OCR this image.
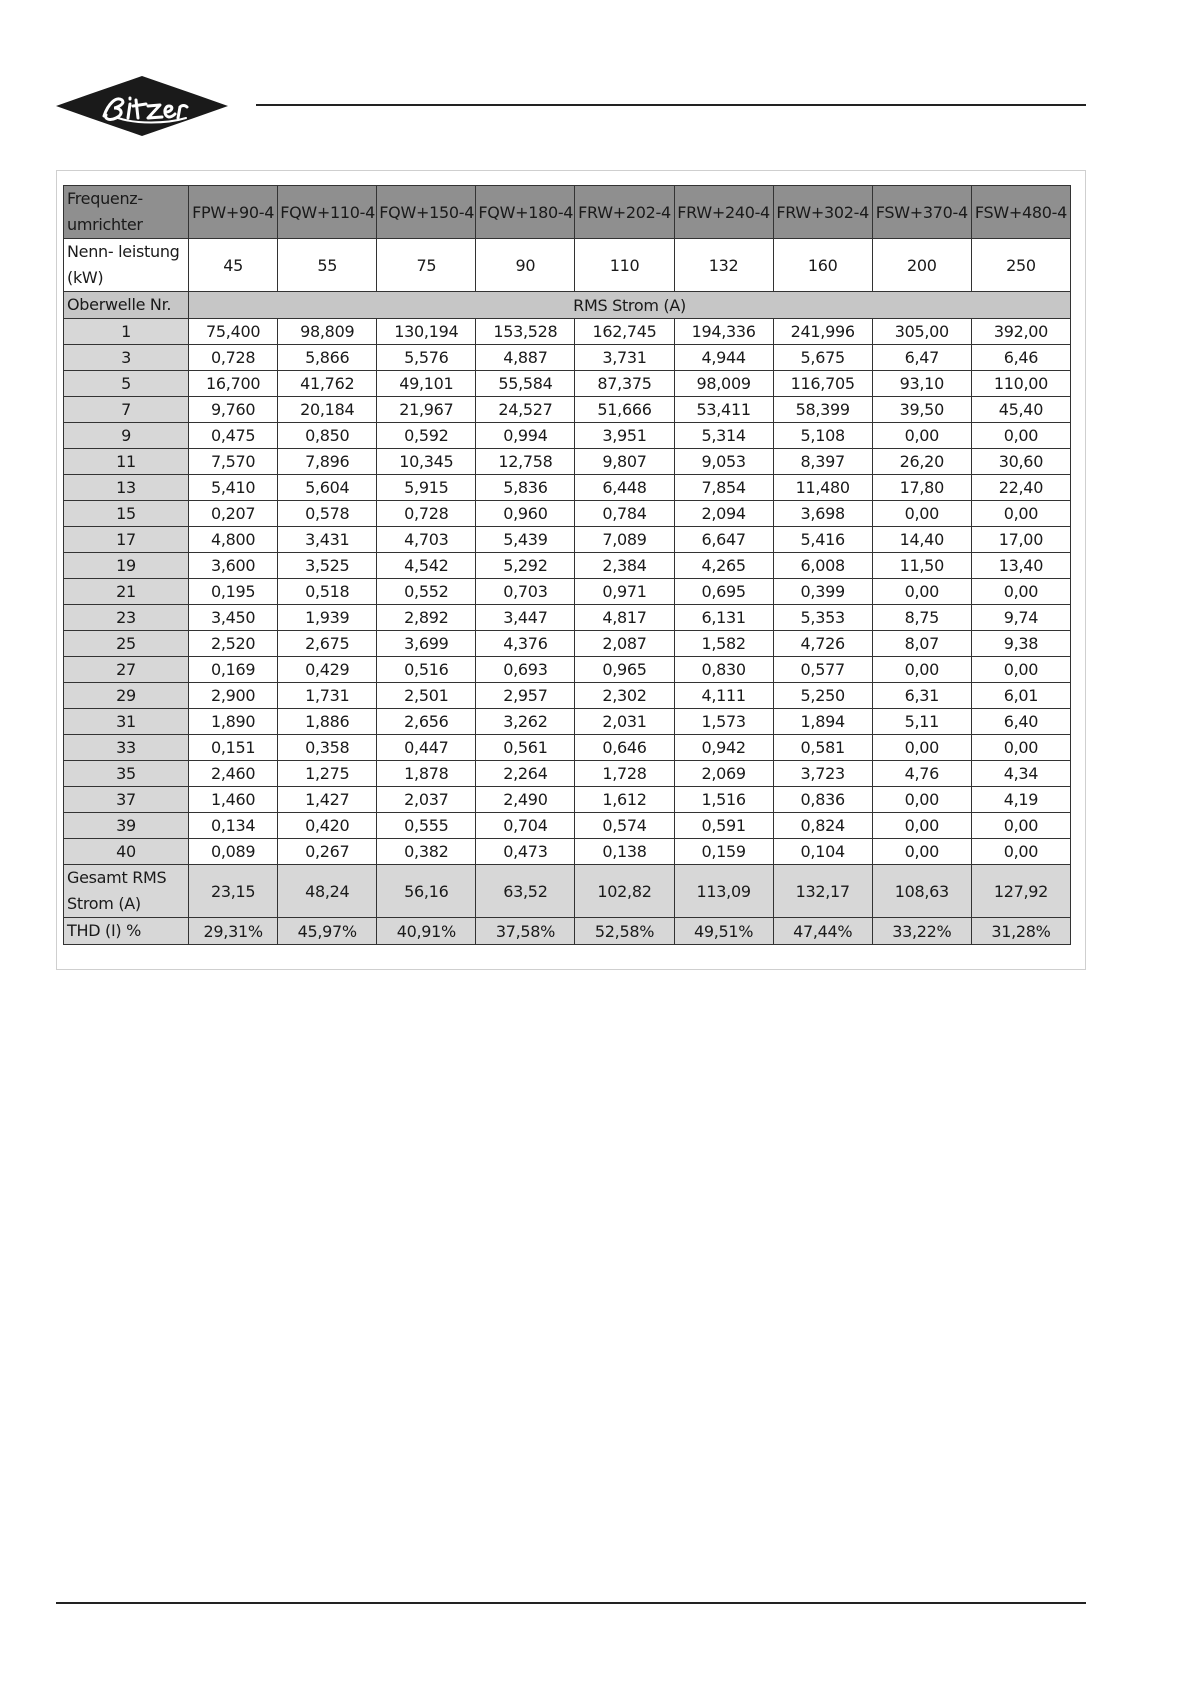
Frequenz-
umrichter	FPW+90-4	FQW+110-4	FQW+150-4	FQW+180-4	FRW+202-4	FRW+240-4	FRW+302-4	FSW+370-4	FSW+480-4
Nenn- leistung
(kW)	45	55	75	90	110	132	160	200	250
Oberwelle Nr.	RMS Strom (A)								
1	75,400	98,809	130,194	153,528	162,745	194,336	241,996	305,00	392,00
3	0,728	5,866	5,576	4,887	3,731	4,944	5,675	6,47	6,46
5	16,700	41,762	49,101	55,584	87,375	98,009	116,705	93,10	110,00
7	9,760	20,184	21,967	24,527	51,666	53,411	58,399	39,50	45,40
9	0,475	0,850	0,592	0,994	3,951	5,314	5,108	0,00	0,00
11	7,570	7,896	10,345	12,758	9,807	9,053	8,397	26,20	30,60
13	5,410	5,604	5,915	5,836	6,448	7,854	11,480	17,80	22,40
15	0,207	0,578	0,728	0,960	0,784	2,094	3,698	0,00	0,00
17	4,800	3,431	4,703	5,439	7,089	6,647	5,416	14,40	17,00
19	3,600	3,525	4,542	5,292	2,384	4,265	6,008	11,50	13,40
21	0,195	0,518	0,552	0,703	0,971	0,695	0,399	0,00	0,00
23	3,450	1,939	2,892	3,447	4,817	6,131	5,353	8,75	9,74
25	2,520	2,675	3,699	4,376	2,087	1,582	4,726	8,07	9,38
27	0,169	0,429	0,516	0,693	0,965	0,830	0,577	0,00	0,00
29	2,900	1,731	2,501	2,957	2,302	4,111	5,250	6,31	6,01
31	1,890	1,886	2,656	3,262	2,031	1,573	1,894	5,11	6,40
33	0,151	0,358	0,447	0,561	0,646	0,942	0,581	0,00	0,00
35	2,460	1,275	1,878	2,264	1,728	2,069	3,723	4,76	4,34
37	1,460	1,427	2,037	2,490	1,612	1,516	0,836	0,00	4,19
39	0,134	0,420	0,555	0,704	0,574	0,591	0,824	0,00	0,00
40	0,089	0,267	0,382	0,473	0,138	0,159	0,104	0,00	0,00
Gesamt RMS
Strom (A)	23,15	48,24	56,16	63,52	102,82	113,09	132,17	108,63	127,92
THD (I) %	29,31%	45,97%	40,91%	37,58%	52,58%	49,51%	47,44%	33,22%	31,28%
